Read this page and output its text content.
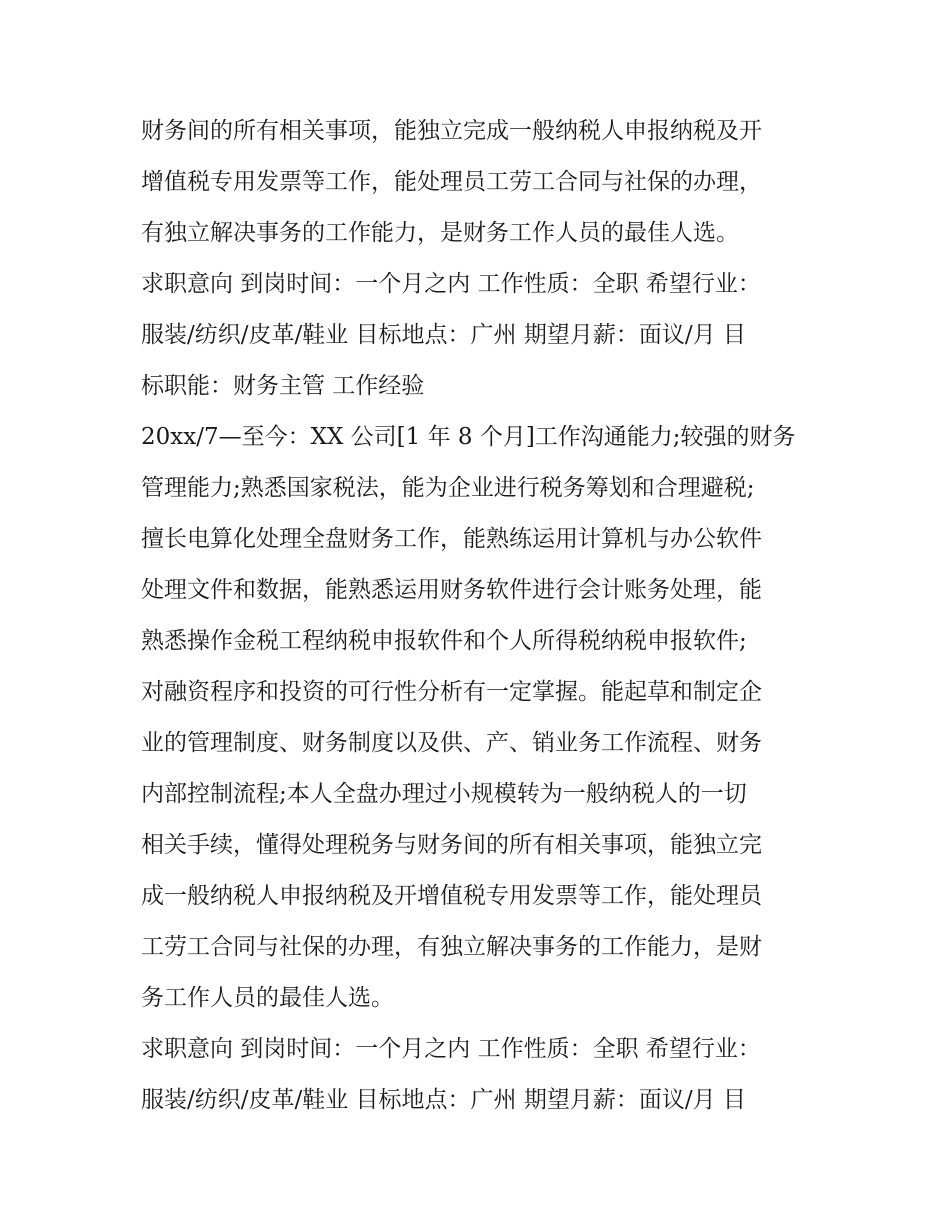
财务间的所有相关事项，能独立完成一般纳税人申报纳税及开
增值税专用发票等工作，能处理员工劳工合同与社保的办理，
有独立解决事务的工作能力，是财务工作人员的最佳人选。
求职意向 到岗时间：一个月之内 工作性质：全职 希望行业：
服装/纺织/皮革/鞋业 目标地点：广州 期望月薪：面议/月 目
标职能：财务主管 工作经验
20xx/7—至今：XX 公司[1 年 8 个月]工作沟通能力;较强的财务
管理能力;熟悉国家税法，能为企业进行税务筹划和合理避税;
擅长电算化处理全盘财务工作，能熟练运用计算机与办公软件
处理文件和数据，能熟悉运用财务软件进行会计账务处理，能
熟悉操作金税工程纳税申报软件和个人所得税纳税申报软件;
对融资程序和投资的可行性分析有一定掌握。能起草和制定企
业的管理制度、财务制度以及供、产、销业务工作流程、财务
内部控制流程;本人全盘办理过小规模转为一般纳税人的一切
相关手续，懂得处理税务与财务间的所有相关事项，能独立完
成一般纳税人申报纳税及开增值税专用发票等工作，能处理员
工劳工合同与社保的办理，有独立解决事务的工作能力，是财
务工作人员的最佳人选。
求职意向 到岗时间：一个月之内 工作性质：全职 希望行业：
服装/纺织/皮革/鞋业 目标地点：广州 期望月薪：面议/月 目
